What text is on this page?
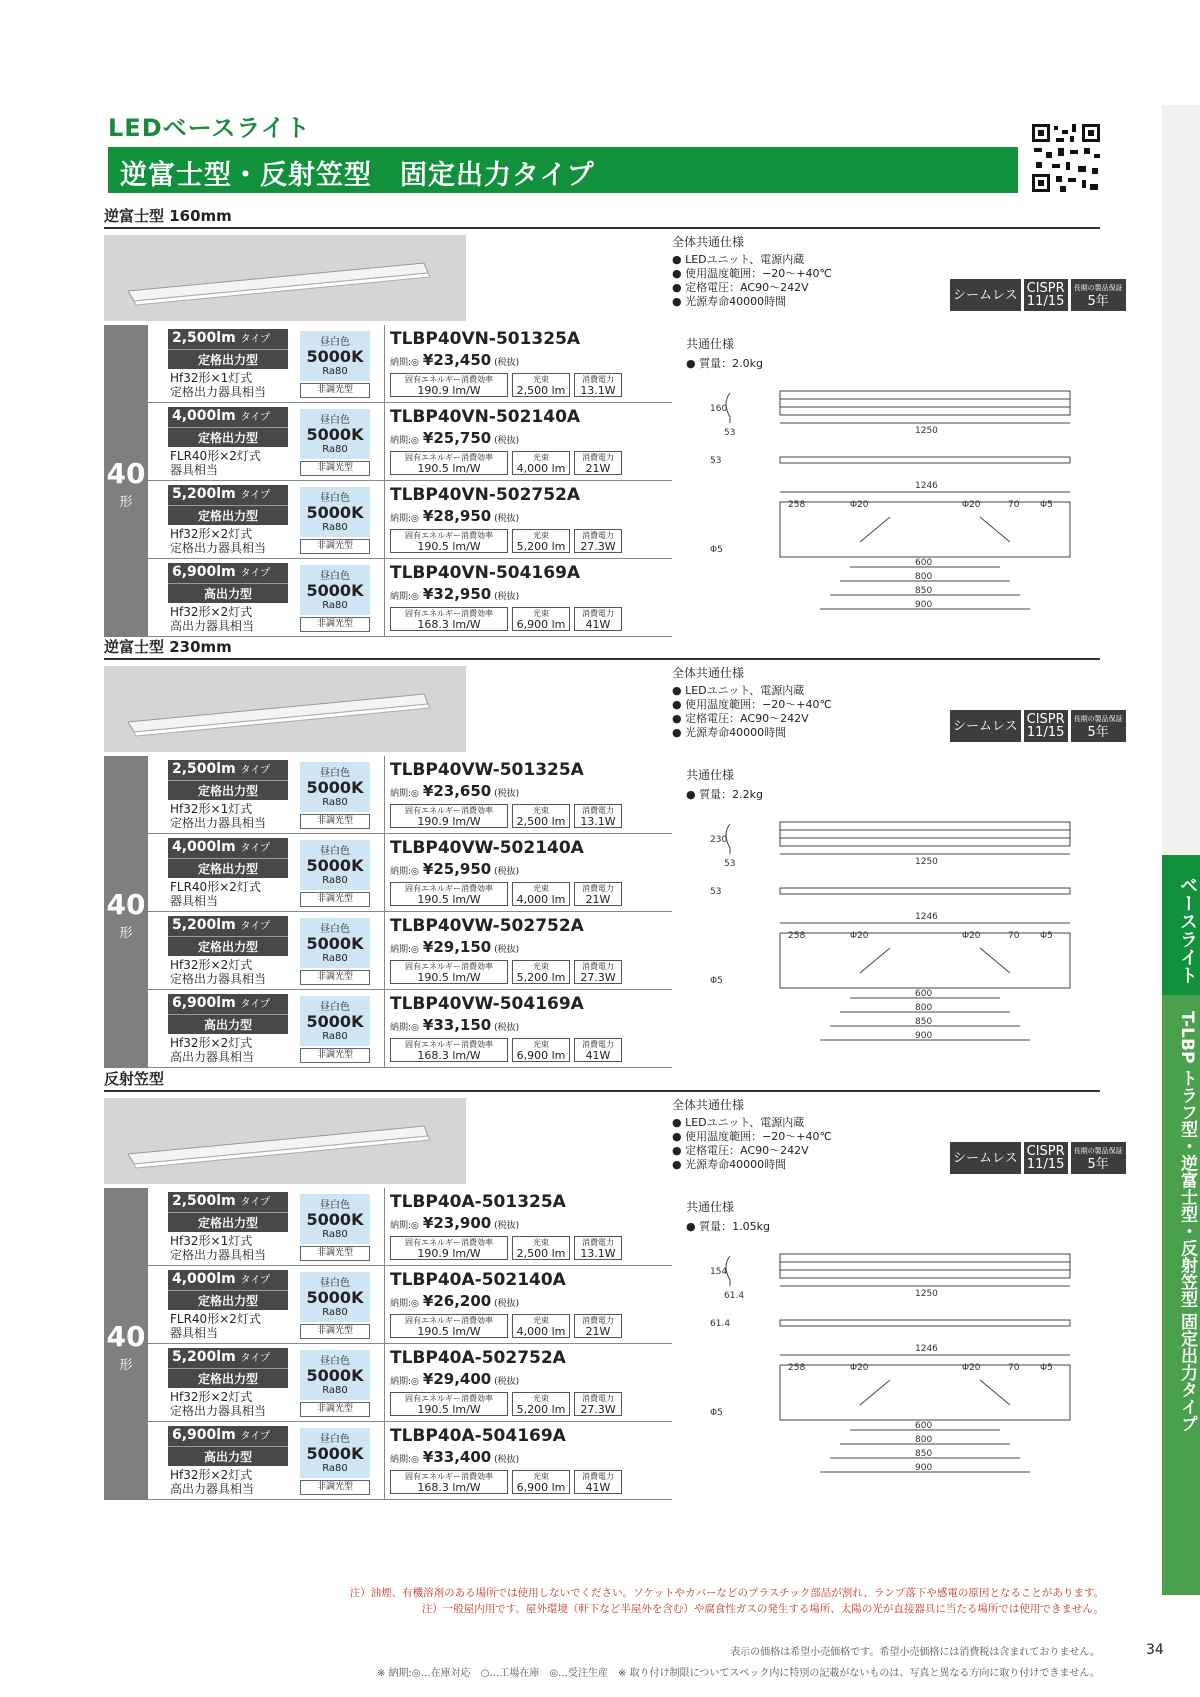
LEDベースライト
逆富士型・反射笠型　固定出力タイプ
ベースライト
T-LBP トラフ型・逆富士型・反射笠型 固定出力タイプ
逆富士型 160mm
全体共通仕様
● LEDユニット、電源内蔵
● 使用温度範囲：−20〜+40℃
● 定格電圧：AC90〜242V
● 光源寿命40000時間	シームレス CISPR
11/15
長期の製品保証
5年
40
形
2,500lm タイプ
定格出力型
Hf32形×1灯式
定格出力器具相当
昼白色
5000K
Ra80
非調光型
TLBP40VN-501325A
納期:◎ ¥23,450 (税抜)
固有エネルギー消費効率
190.9 lm/W
光束
2,500 lm
消費電力
13.1W
4,000lm タイプ
定格出力型
FLR40形×2灯式
器具相当
昼白色
5000K
Ra80
非調光型
TLBP40VN-502140A
納期:◎ ¥25,750 (税抜)
固有エネルギー消費効率
190.5 lm/W
光束
4,000 lm
消費電力
21W
5,200lm タイプ
定格出力型
Hf32形×2灯式
定格出力器具相当
昼白色
5000K
Ra80
非調光型
TLBP40VN-502752A
納期:◎ ¥28,950 (税抜)
固有エネルギー消費効率
190.5 lm/W
光束
5,200 lm
消費電力
27.3W
6,900lm タイプ
高出力型
Hf32形×2灯式
高出力器具相当
昼白色
5000K
Ra80
非調光型
TLBP40VN-504169A
納期:◎ ¥32,950 (税抜)
固有エネルギー消費効率
168.3 lm/W
光束
6,900 lm
消費電力
41W
共通仕様
● 質量：2.0kg
160
53	1250
53
1246
258	Φ20	Φ20	70 Φ5
Φ5
600
800
850
900
逆富士型 230mm
全体共通仕様
● LEDユニット、電源内蔵
● 使用温度範囲：−20〜+40℃
● 定格電圧：AC90〜242V
● 光源寿命40000時間	シームレス CISPR
11/15
長期の製品保証
5年
40
形
2,500lm タイプ
定格出力型
Hf32形×1灯式
定格出力器具相当
昼白色
5000K
Ra80
非調光型
TLBP40VW-501325A
納期:◎ ¥23,650 (税抜)
固有エネルギー消費効率
190.9 lm/W
光束
2,500 lm
消費電力
13.1W
4,000lm タイプ
定格出力型
FLR40形×2灯式
器具相当
昼白色
5000K
Ra80
非調光型
TLBP40VW-502140A
納期:◎ ¥25,950 (税抜)
固有エネルギー消費効率
190.5 lm/W
光束
4,000 lm
消費電力
21W
5,200lm タイプ
定格出力型
Hf32形×2灯式
定格出力器具相当
昼白色
5000K
Ra80
非調光型
TLBP40VW-502752A
納期:◎ ¥29,150 (税抜)
固有エネルギー消費効率
190.5 lm/W
光束
5,200 lm
消費電力
27.3W
6,900lm タイプ
高出力型
Hf32形×2灯式
高出力器具相当
昼白色
5000K
Ra80
非調光型
TLBP40VW-504169A
納期:◎ ¥33,150 (税抜)
固有エネルギー消費効率
168.3 lm/W
光束
6,900 lm
消費電力
41W
共通仕様
● 質量：2.2kg
230
53	1250
53
1246
258	Φ20	Φ20	70 Φ5
Φ5
600
800
850
900
反射笠型
全体共通仕様
● LEDユニット、電源内蔵
● 使用温度範囲：−20〜+40℃
● 定格電圧：AC90〜242V
● 光源寿命40000時間	シームレス CISPR
11/15
長期の製品保証
5年
40
形
2,500lm タイプ
定格出力型
Hf32形×1灯式
定格出力器具相当
昼白色
5000K
Ra80
非調光型
TLBP40A-501325A
納期:◎ ¥23,900 (税抜)
固有エネルギー消費効率
190.9 lm/W
光束
2,500 lm
消費電力
13.1W
4,000lm タイプ
定格出力型
FLR40形×2灯式
器具相当
昼白色
5000K
Ra80
非調光型
TLBP40A-502140A
納期:◎ ¥26,200 (税抜)
固有エネルギー消費効率
190.5 lm/W
光束
4,000 lm
消費電力
21W
5,200lm タイプ
定格出力型
Hf32形×2灯式
定格出力器具相当
昼白色
5000K
Ra80
非調光型
TLBP40A-502752A
納期:◎ ¥29,400 (税抜)
固有エネルギー消費効率
190.5 lm/W
光束
5,200 lm
消費電力
27.3W
6,900lm タイプ
高出力型
Hf32形×2灯式
高出力器具相当
昼白色
5000K
Ra80
非調光型
TLBP40A-504169A
納期:◎ ¥33,400 (税抜)
固有エネルギー消費効率
168.3 lm/W
光束
6,900 lm
消費電力
41W
共通仕様
● 質量：1.05kg
154
61.4	1250
61.4
1246
258	Φ20	Φ20	70 Φ5
Φ5
600
800
850
900
注）油煙、有機溶剤のある場所では使用しないでください。ソケットやカバーなどのプラスチック部品が割れ、ランプ落下や感電の原因となることがあります。
注）一般屋内用です。屋外環境（軒下など半屋外を含む）や腐食性ガスの発生する場所、太陽の光が直接器具に当たる場所では使用できません。
表示の価格は希望小売価格です。希望小売価格には消費税は含まれておりません。
※ 納期:◎…在庫対応　○…工場在庫　◎…受注生産　※ 取り付け制限についてスペック内に特別の記載がないものは、写真と異なる方向に取り付けできません。
34
